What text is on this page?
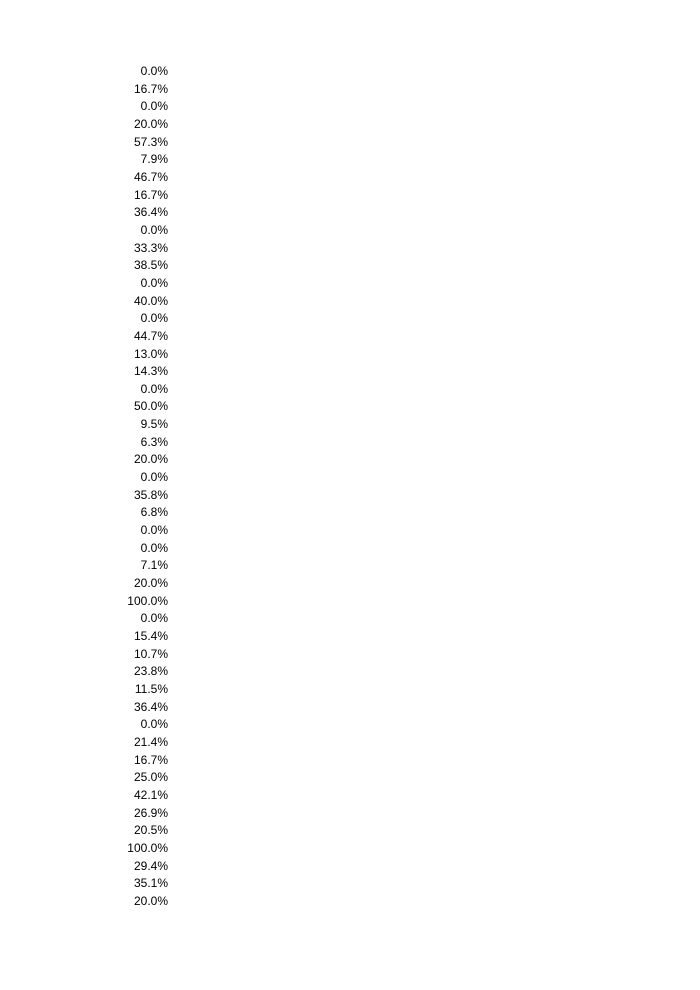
0.0%
16.7%
0.0%
20.0%
57.3%
7.9%
46.7%
16.7%
36.4%
0.0%
33.3%
38.5%
0.0%
40.0%
0.0%
44.7%
13.0%
14.3%
0.0%
50.0%
9.5%
6.3%
20.0%
0.0%
35.8%
6.8%
0.0%
0.0%
7.1%
20.0%
100.0%
0.0%
15.4%
10.7%
23.8%
11.5%
36.4%
0.0%
21.4%
16.7%
25.0%
42.1%
26.9%
20.5%
100.0%
29.4%
35.1%
20.0%
